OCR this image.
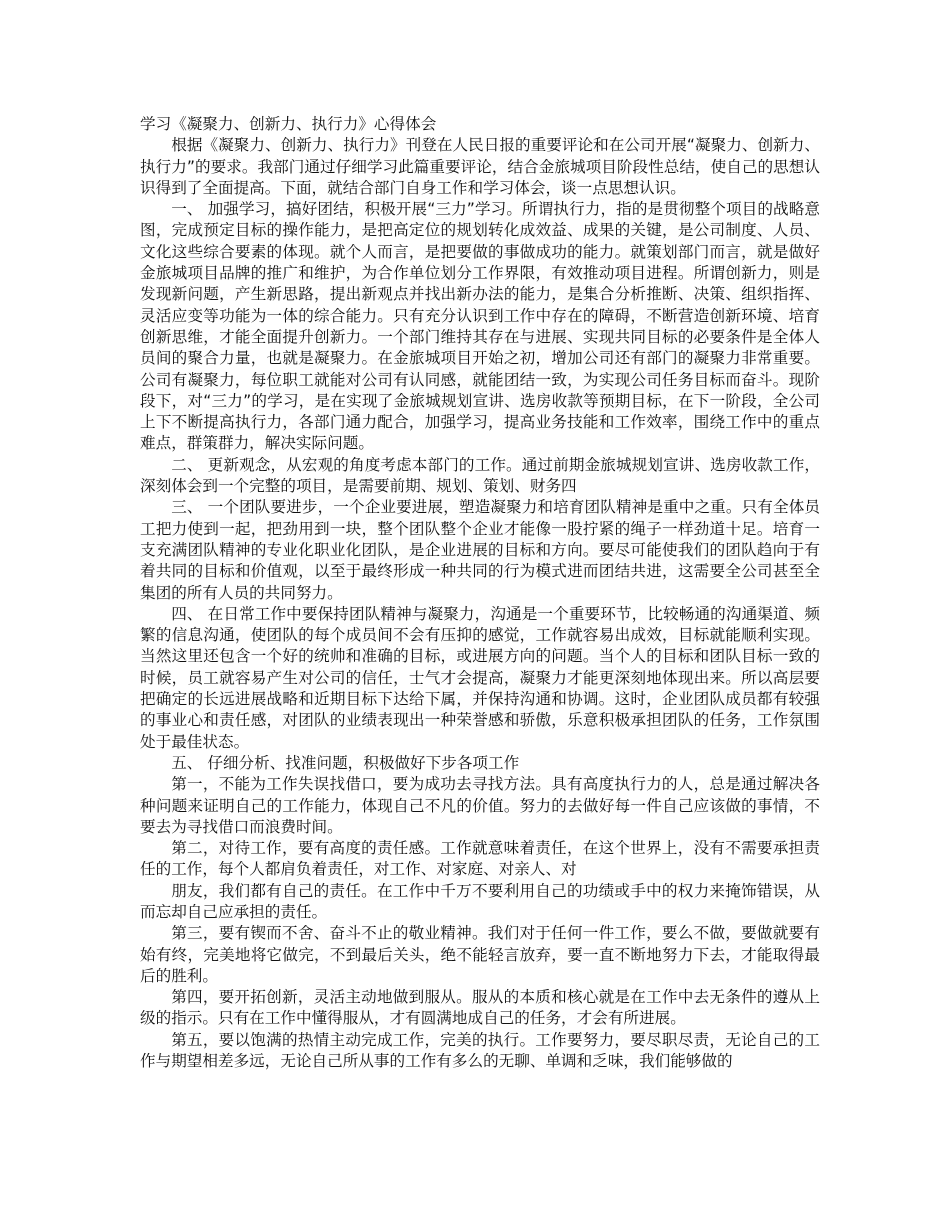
学习《凝聚力、创新力、执行力》心得体会

根据《凝聚力、创新力、执行力》刊登在人民日报的重要评论和在公司开展“凝聚力、创新力、执行力”的要求。我部门通过仔细学习此篇重要评论，结合金旅城项目阶段性总结，使自己的思想认识得到了全面提高。下面，就结合部门自身工作和学习体会，谈一点思想认识。

一、 加强学习，搞好团结，积极开展“三力”学习。所谓执行力，指的是贯彻整个项目的战略意图，完成预定目标的操作能力，是把高定位的规划转化成效益、成果的关键，是公司制度、人员、文化这些综合要素的体现。就个人而言，是把要做的事做成功的能力。就策划部门而言，就是做好金旅城项目品牌的推广和维护，为合作单位划分工作界限，有效推动项目进程。所谓创新力，则是发现新问题，产生新思路，提出新观点并找出新办法的能力，是集合分析推断、决策、组织指挥、灵活应变等功能为一体的综合能力。只有充分认识到工作中存在的障碍，不断营造创新环境、培育创新思维，才能全面提升创新力。一个部门维持其存在与进展、实现共同目标的必要条件是全体人员间的聚合力量，也就是凝聚力。在金旅城项目开始之初，增加公司还有部门的凝聚力非常重要。公司有凝聚力，每位职工就能对公司有认同感，就能团结一致，为实现公司任务目标而奋斗。现阶段下，对“三力”的学习，是在实现了金旅城规划宣讲、选房收款等预期目标，在下一阶段，全公司上下不断提高执行力，各部门通力配合，加强学习，提高业务技能和工作效率，围绕工作中的重点难点，群策群力，解决实际问题。

二、 更新观念，从宏观的角度考虑本部门的工作。通过前期金旅城规划宣讲、选房收款工作，深刻体会到一个完整的项目，是需要前期、规划、策划、财务四

三、 一个团队要进步，一个企业要进展，塑造凝聚力和培育团队精神是重中之重。只有全体员工把力使到一起，把劲用到一块，整个团队整个企业才能像一股拧紧的绳子一样劲道十足。培育一支充满团队精神的专业化职业化团队，是企业进展的目标和方向。要尽可能使我们的团队趋向于有着共同的目标和价值观，以至于最终形成一种共同的行为模式进而团结共进，这需要全公司甚至全集团的所有人员的共同努力。

四、 在日常工作中要保持团队精神与凝聚力，沟通是一个重要环节，比较畅通的沟通渠道、频繁的信息沟通，使团队的每个成员间不会有压抑的感觉，工作就容易出成效，目标就能顺利实现。当然这里还包含一个好的统帅和准确的目标，或进展方向的问题。当个人的目标和团队目标一致的时候，员工就容易产生对公司的信任，士气才会提高，凝聚力才能更深刻地体现出来。所以高层要把确定的长远进展战略和近期目标下达给下属，并保持沟通和协调。这时，企业团队成员都有较强的事业心和责任感，对团队的业绩表现出一种荣誉感和骄傲，乐意积极承担团队的任务，工作氛围处于最佳状态。

五、 仔细分析、找准问题，积极做好下步各项工作

第一，不能为工作失误找借口，要为成功去寻找方法。具有高度执行力的人，总是通过解决各种问题来证明自己的工作能力，体现自己不凡的价值。努力的去做好每一件自己应该做的事情，不要去为寻找借口而浪费时间。

第二，对待工作，要有高度的责任感。工作就意味着责任，在这个世界上，没有不需要承担责任的工作，每个人都肩负着责任，对工作、对家庭、对亲人、对

朋友，我们都有自己的责任。在工作中千万不要利用自己的功绩或手中的权力来掩饰错误，从而忘却自己应承担的责任。

第三，要有锲而不舍、奋斗不止的敬业精神。我们对于任何一件工作，要么不做，要做就要有始有终，完美地将它做完，不到最后关头，绝不能轻言放弃，要一直不断地努力下去，才能取得最后的胜利。

第四，要开拓创新，灵活主动地做到服从。服从的本质和核心就是在工作中去无条件的遵从上级的指示。只有在工作中懂得服从，才有圆满地成自己的任务，才会有所进展。

第五，要以饱满的热情主动完成工作，完美的执行。工作要努力，要尽职尽责，无论自己的工作与期望相差多远，无论自己所从事的工作有多么的无聊、单调和乏味，我们能够做的
